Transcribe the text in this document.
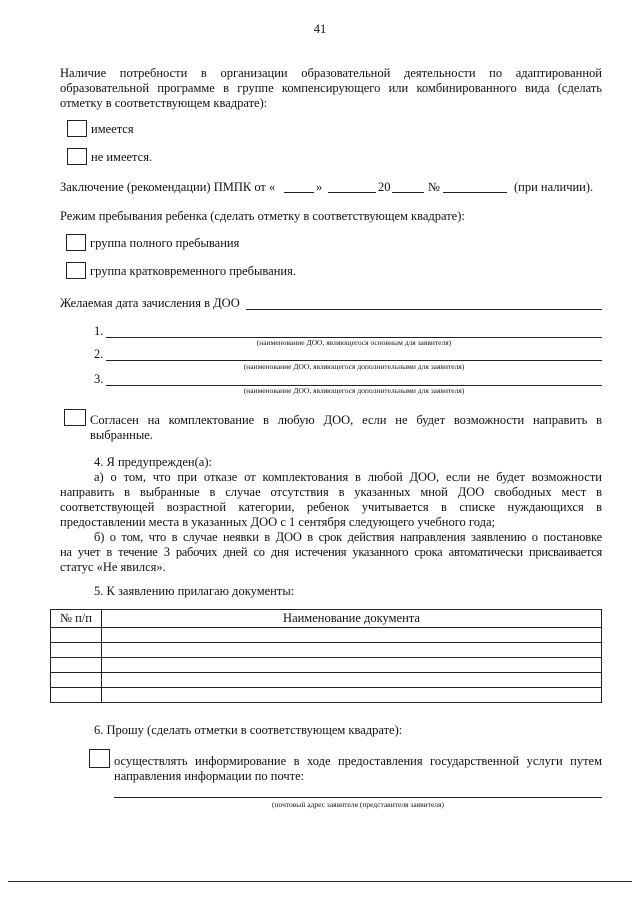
41
Наличие потребности в организации образовательной деятельности по адаптированной
образовательной программе в группе компенсирующего или комбинированного вида (сделать
отметку в соответствующем квадрате):
имеется
не имеется.
Заключение (рекомендации) ПМПК от «	»	20	№	(при наличии).
Режим пребывания ребенка (сделать отметку в соответствующем квадрате):
группа полного пребывания
группа кратковременного пребывания.
Желаемая дата зачисления в ДОО
1.
(наименование ДОО, являющегося основным для заявителя)
2.
(наименование ДОО, являющегося дополнительными для заявителя)
3.
(наименование ДОО, являющегося дополнительными для заявителя)
Согласен на комплектование в любую ДОО, если не будет возможности направить в
выбранные.
4. Я предупрежден(а):
а) о том, что при отказе от комплектования в любой ДОО, если не будет возможности
направить в выбранные в случае отсутствия в указанных мной ДОО свободных мест в
соответствующей возрастной категории, ребенок учитывается в списке нуждающихся в
предоставлении места в указанных ДОО с 1 сентября следующего учебного года;
б) о том, что в случае неявки в ДОО в срок действия направления заявлению о постановке
на учет в течение 3 рабочих дней со дня истечения указанного срока автоматически присваивается
статус «Не явился».
5. К заявлению прилагаю документы:
№ п/п	Наименование документа

6. Прошу (сделать отметки в соответствующем квадрате):
осуществлять информирование в ходе предоставления государственной услуги путем
направления информации по почте:
(почтовый адрес заявителя (представителя заявителя)
